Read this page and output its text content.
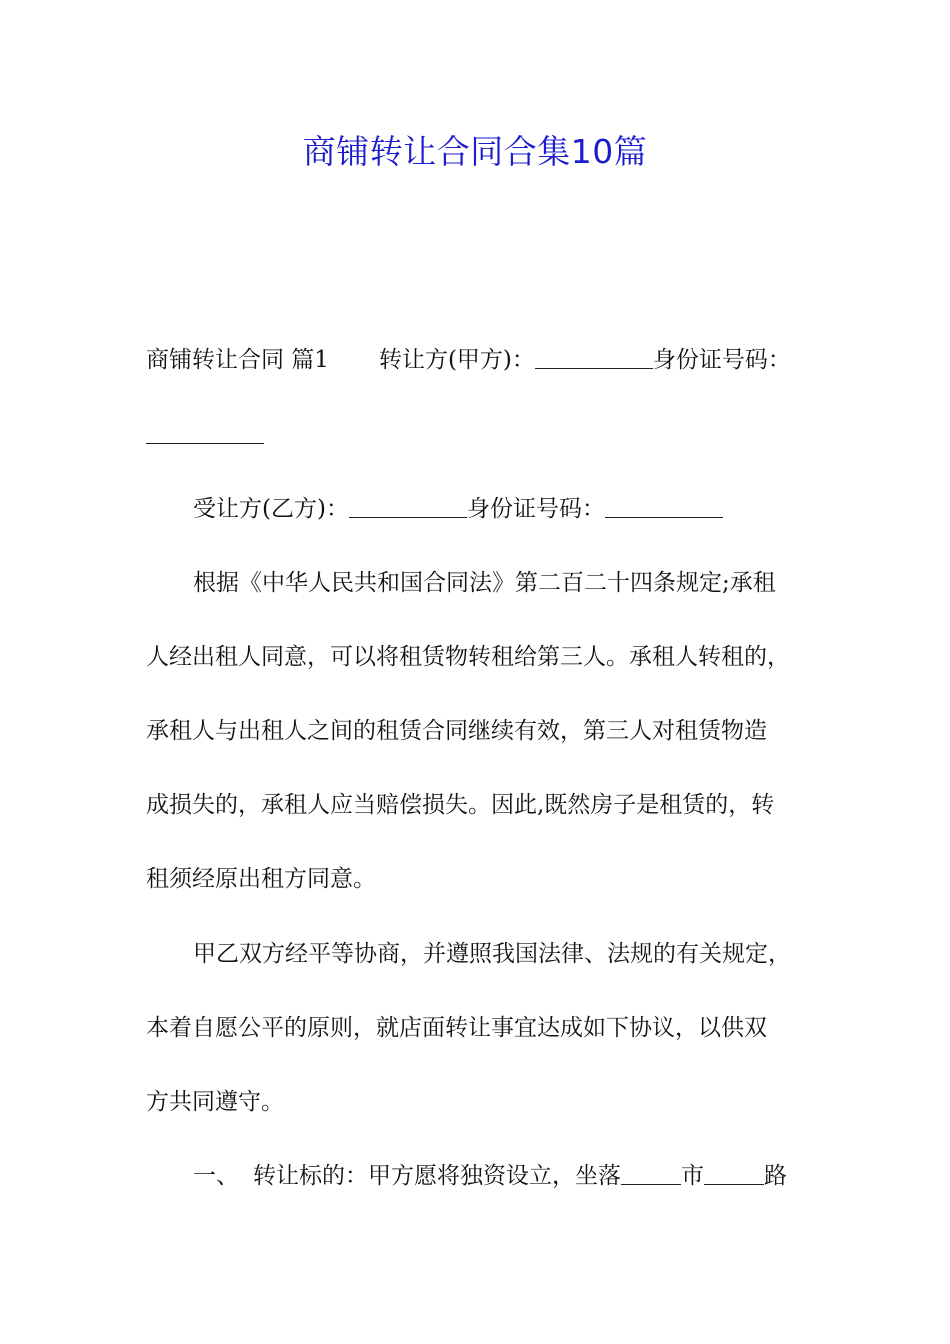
商铺转让合同合集10篇
商铺转让合同 篇1 转让方(甲方)：	身份证号码：
受让方(乙方)：	身份证号码：
根据《中华人民共和国合同法》第二百二十四条规定;承租
人经出租人同意，可以将租赁物转租给第三人。承租人转租的，
承租人与出租人之间的租赁合同继续有效，第三人对租赁物造
成损失的，承租人应当赔偿损失。因此,既然房子是租赁的，转
租须经原出租方同意。
甲乙双方经平等协商，并遵照我国法律、法规的有关规定，
本着自愿公平的原则，就店面转让事宜达成如下协议，以供双
方共同遵守。
一、 转让标的：甲方愿将独资设立，坐落	市	路
